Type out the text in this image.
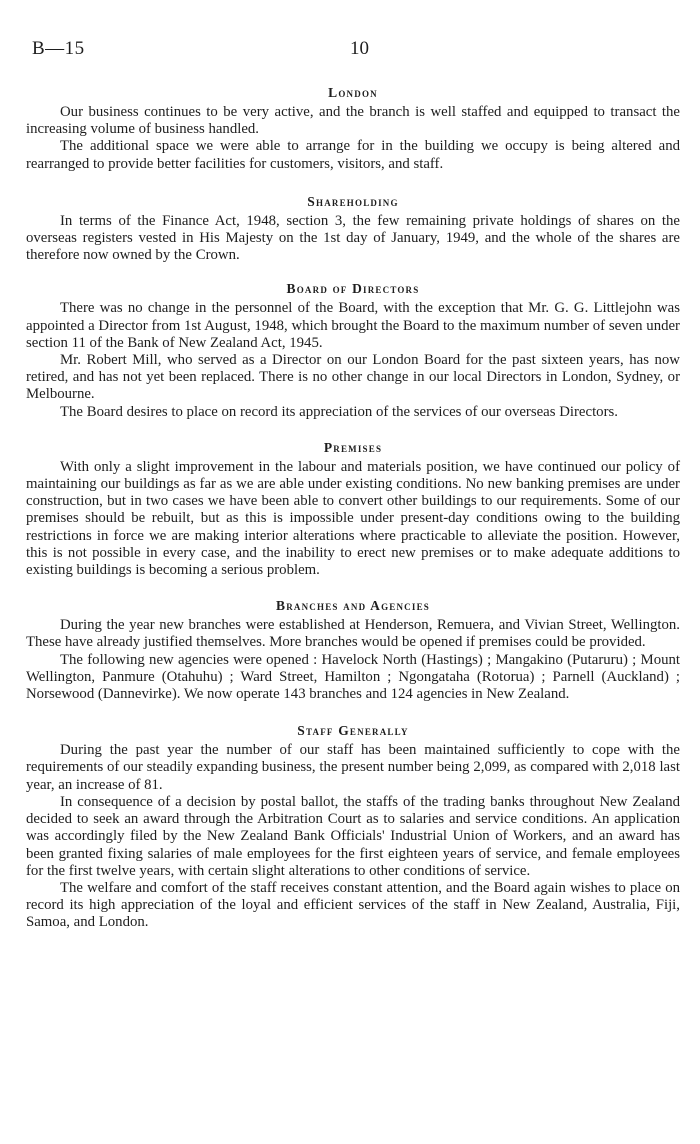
B—15	10
London

Our business continues to be very active, and the branch is well staffed and equipped to transact the increasing volume of business handled.

The additional space we were able to arrange for in the building we occupy is being altered and rearranged to provide better facilities for customers, visitors, and staff.

Shareholding

In terms of the Finance Act, 1948, section 3, the few remaining private holdings of shares on the overseas registers vested in His Majesty on the 1st day of January, 1949, and the whole of the shares are therefore now owned by the Crown.

Board of Directors

There was no change in the personnel of the Board, with the exception that Mr. G. G. Littlejohn was appointed a Director from 1st August, 1948, which brought the Board to the maximum number of seven under section 11 of the Bank of New Zealand Act, 1945.

Mr. Robert Mill, who served as a Director on our London Board for the past sixteen years, has now retired, and has not yet been replaced. There is no other change in our local Directors in London, Sydney, or Melbourne.

The Board desires to place on record its appreciation of the services of our overseas Directors.

Premises

With only a slight improvement in the labour and materials position, we have continued our policy of maintaining our buildings as far as we are able under existing conditions. No new banking premises are under construction, but in two cases we have been able to convert other buildings to our requirements. Some of our premises should be rebuilt, but as this is impossible under present-day conditions owing to the building restrictions in force we are making interior alterations where practicable to alleviate the position. However, this is not possible in every case, and the inability to erect new premises or to make adequate additions to existing buildings is becoming a serious problem.

Branches and Agencies

During the year new branches were established at Henderson, Remuera, and Vivian Street, Wellington. These have already justified themselves. More branches would be opened if premises could be provided.

The following new agencies were opened : Havelock North (Hastings) ; Mangakino (Putaruru) ; Mount Wellington, Panmure (Otahuhu) ; Ward Street, Hamilton ; Ngongataha (Rotorua) ; Parnell (Auckland) ; Norsewood (Dannevirke). We now operate 143 branches and 124 agencies in New Zealand.

Staff Generally

During the past year the number of our staff has been maintained sufficiently to cope with the requirements of our steadily expanding business, the present number being 2,099, as compared with 2,018 last year, an increase of 81.

In consequence of a decision by postal ballot, the staffs of the trading banks throughout New Zealand decided to seek an award through the Arbitration Court as to salaries and service conditions. An application was accordingly filed by the New Zealand Bank Officials' Industrial Union of Workers, and an award has been granted fixing salaries of male employees for the first eighteen years of service, and female employees for the first twelve years, with certain slight alterations to other conditions of service.

The welfare and comfort of the staff receives constant attention, and the Board again wishes to place on record its high appreciation of the loyal and efficient services of the staff in New Zealand, Australia, Fiji, Samoa, and London.
